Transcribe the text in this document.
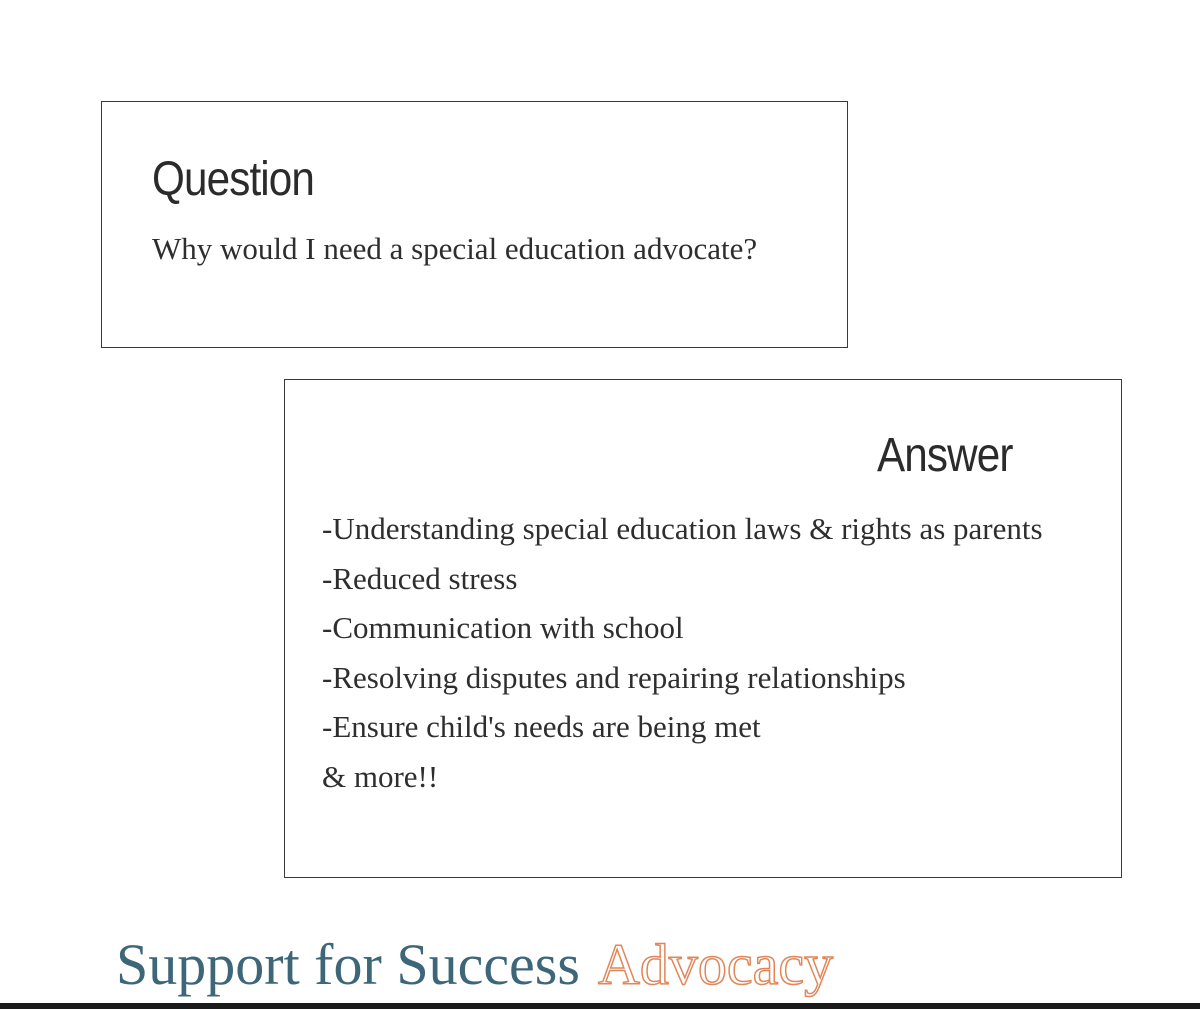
Question
Why would I need a special education advocate?
Answer
-Understanding special education laws & rights as parents
-Reduced stress
-Communication with school
-Resolving disputes and repairing relationships
-Ensure child's needs are being met
& more!!
Support for Success Advocacy
